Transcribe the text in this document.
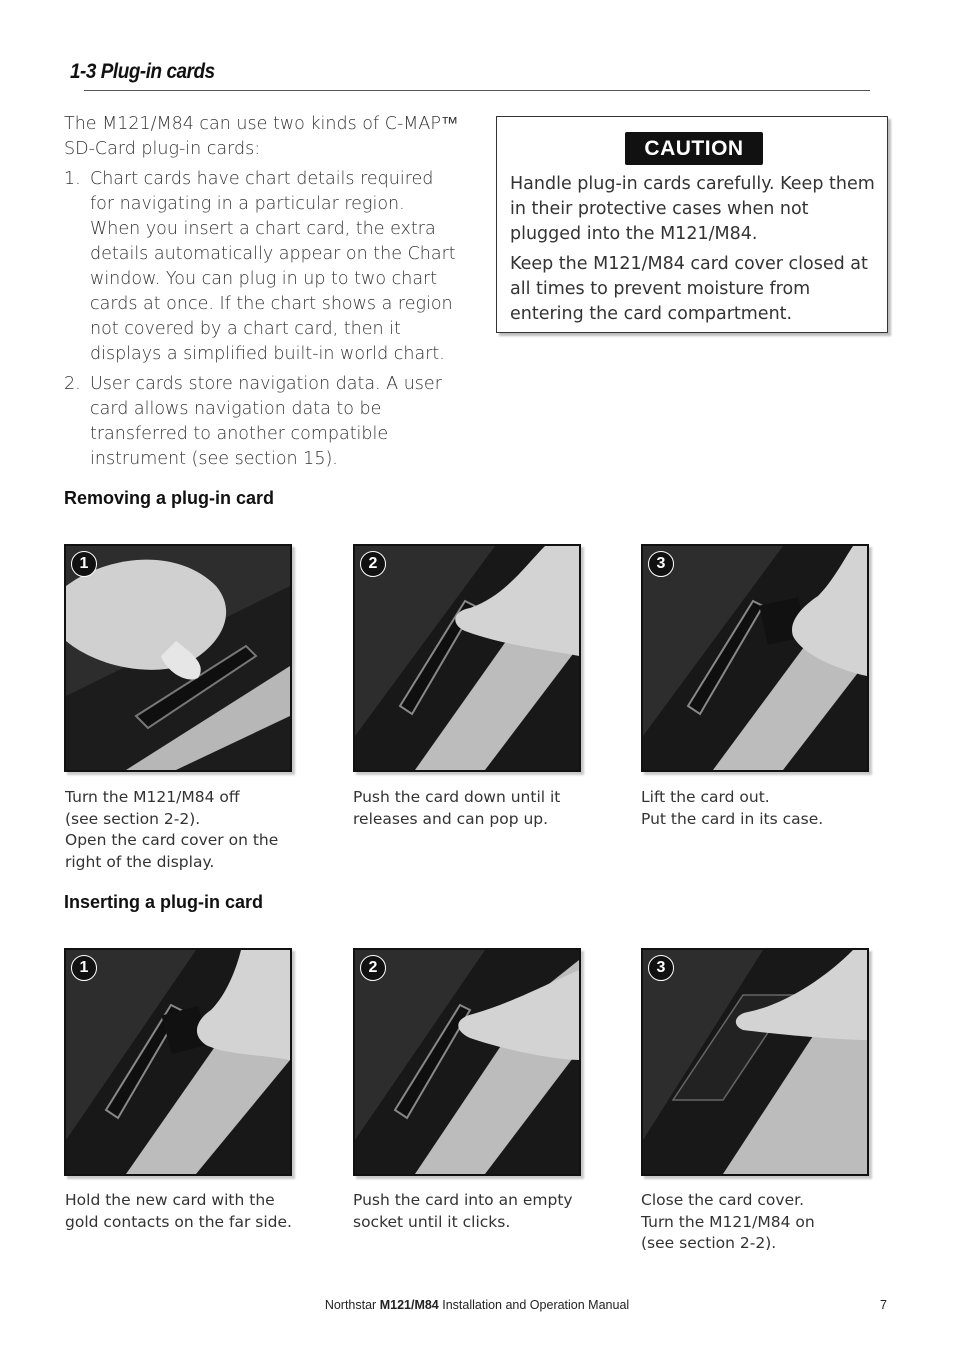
1-3 Plug-in cards

The M121/M84 can use two kinds of C-MAP™ SD-Card plug-in cards:

1. Chart cards have chart details required for navigating in a particular region. When you insert a chart card, the extra details automatically appear on the Chart window. You can plug in up to two chart cards at once. If the chart shows a region not covered by a chart card, then it displays a simplified built-in world chart.
2. User cards store navigation data. A user card allows navigation data to be transferred to another compatible instrument (see section 15).
CAUTION

Handle plug-in cards carefully. Keep them in their protective cases when not plugged into the M121/M84.

Keep the M121/M84 card cover closed at all times to prevent moisture from entering the card compartment.

Removing a plug-in card
1	2	3
Turn the M121/M84 off
(see section 2-2).
Open the card cover on the
right of the display.
Push the card down until it
releases and can pop up.
Lift the card out.
Put the card in its case.
Inserting a plug-in card
1	2	3
Hold the new card with the
gold contacts on the far side.
Push the card into an empty
socket until it clicks.
Close the card cover.
Turn the M121/M84 on
(see section 2-2).
Northstar M121/M84 Installation and Operation Manual	7
